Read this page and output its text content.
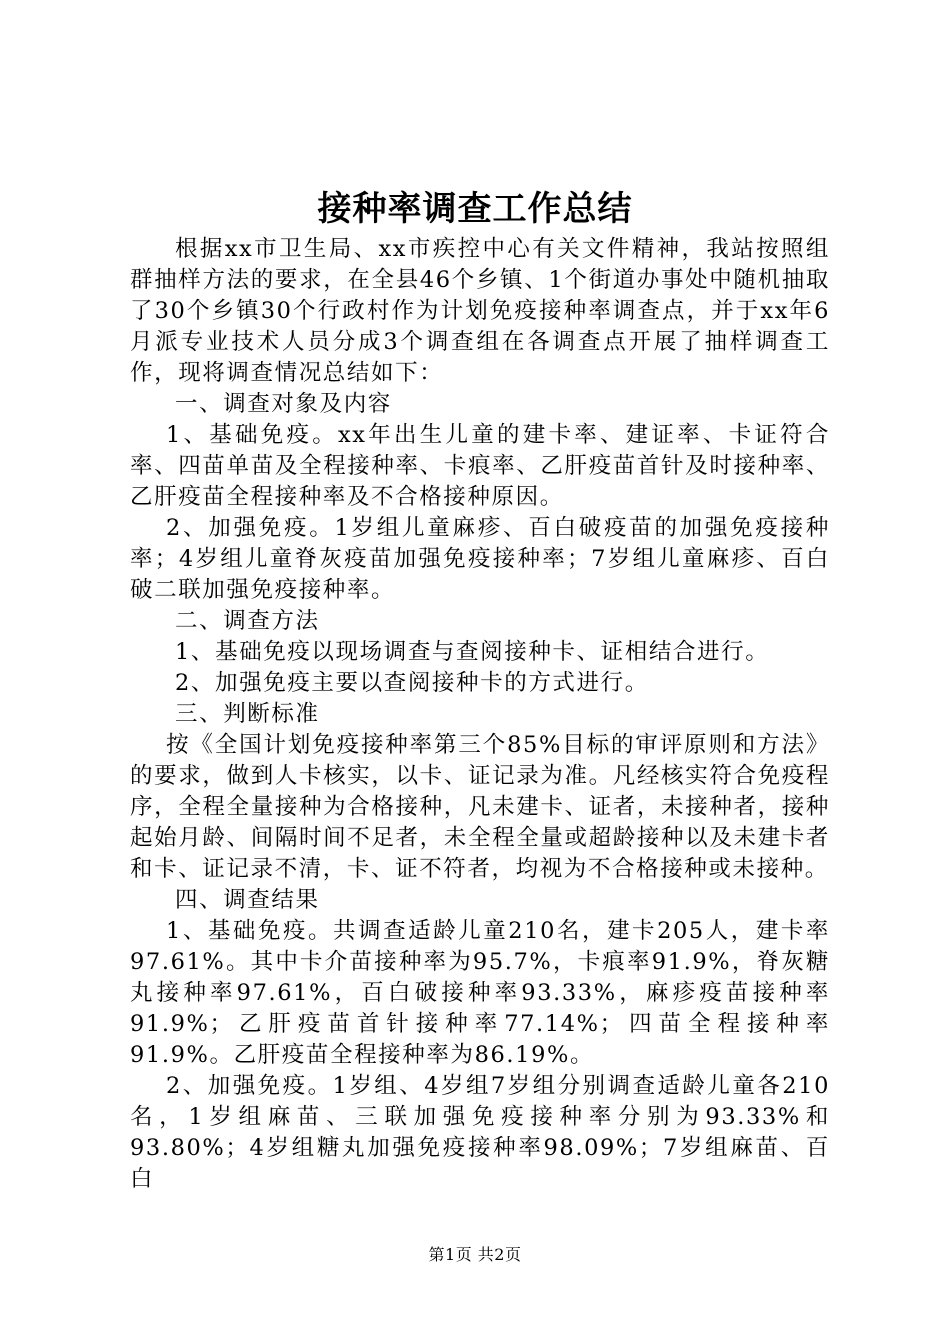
接种率调查工作总结

根据xx市卫生局、xx市疾控中心有关文件精神，我站按照组群抽样方法的要求，在全县46个乡镇、1个街道办事处中随机抽取了30个乡镇30个行政村作为计划免疫接种率调查点，并于xx年6月派专业技术人员分成3个调查组在各调查点开展了抽样调查工作，现将调查情况总结如下：

一、调查对象及内容

1、基础免疫。xx年出生儿童的建卡率、建证率、卡证符合率、四苗单苗及全程接种率、卡痕率、乙肝疫苗首针及时接种率、乙肝疫苗全程接种率及不合格接种原因。

2、加强免疫。1岁组儿童麻疹、百白破疫苗的加强免疫接种率；4岁组儿童脊灰疫苗加强免疫接种率；7岁组儿童麻疹、百白破二联加强免疫接种率。

二、调查方法

1、基础免疫以现场调查与查阅接种卡、证相结合进行。

2、加强免疫主要以查阅接种卡的方式进行。

三、判断标准

按《全国计划免疫接种率第三个85%目标的审评原则和方法》的要求，做到人卡核实，以卡、证记录为准。凡经核实符合免疫程序，全程全量接种为合格接种，凡未建卡、证者，未接种者，接种起始月龄、间隔时间不足者，未全程全量或超龄接种以及未建卡者和卡、证记录不清，卡、证不符者，均视为不合格接种或未接种。

四、调查结果

1、基础免疫。共调查适龄儿童210名，建卡205人，建卡率97.61%。其中卡介苗接种率为95.7%，卡痕率91.9%，脊灰糖丸接种率97.61%，百白破接种率93.33%，麻疹疫苗接种率91.9%；乙肝疫苗首针接种率77.14%；四苗全程接种率91.9%。乙肝疫苗全程接种率为86.19%。

2、加强免疫。1岁组、4岁组7岁组分别调查适龄儿童各210名，1岁组麻苗、三联加强免疫接种率分别为93.33%和93.80%；4岁组糖丸加强免疫接种率98.09%；7岁组麻苗、百白

第1页 共2页
